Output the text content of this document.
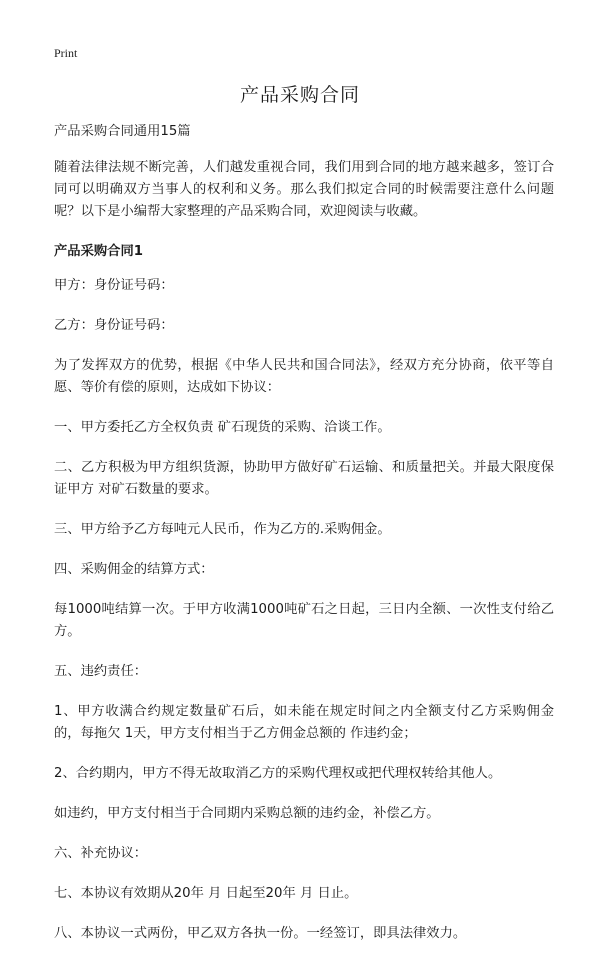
Print
产品采购合同
产品采购合同通用15篇
随着法律法规不断完善，人们越发重视合同，我们用到合同的地方越来越多，签订合同可以明确双方当事人的权利和义务。那么我们拟定合同的时候需要注意什么问题呢？以下是小编帮大家整理的产品采购合同，欢迎阅读与收藏。
产品采购合同1
甲方：身份证号码：
乙方：身份证号码：
为了发挥双方的优势，根据《中华人民共和国合同法》，经双方充分协商，依平等自愿、等价有偿的原则，达成如下协议：
一、甲方委托乙方全权负责 矿石现货的采购、洽谈工作。
二、乙方积极为甲方组织货源，协助甲方做好矿石运输、和质量把关。并最大限度保证甲方 对矿石数量的要求。
三、甲方给予乙方每吨元人民币，作为乙方的.采购佣金。
四、采购佣金的结算方式：
每1000吨结算一次。于甲方收满1000吨矿石之日起，三日内全额、一次性支付给乙方。
五、违约责任：
1、甲方收满合约规定数量矿石后，如未能在规定时间之内全额支付乙方采购佣金的，每拖欠 1天，甲方支付相当于乙方佣金总额的 作违约金；
2、合约期内，甲方不得无故取消乙方的采购代理权或把代理权转给其他人。
如违约，甲方支付相当于合同期内采购总额的违约金，补偿乙方。
六、补充协议：
七、本协议有效期从20年 月 日起至20年 月 日止。
八、本协议一式两份，甲乙双方各执一份。一经签订，即具法律效力。
